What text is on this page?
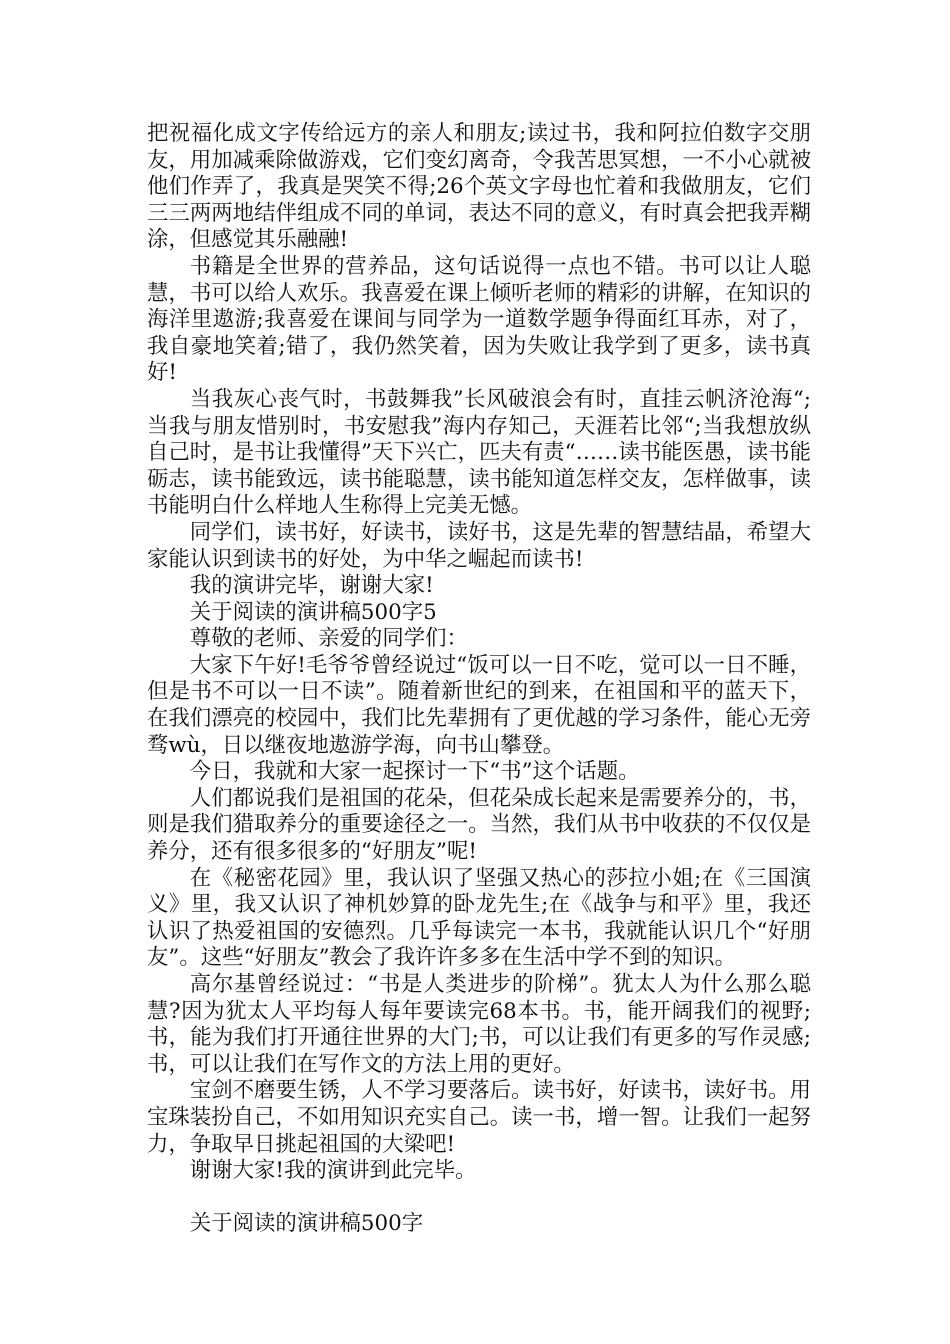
把祝福化成文字传给远方的亲人和朋友;读过书，我和阿拉伯数字交朋友，用加减乘除做游戏，它们变幻离奇，令我苦思冥想，一不小心就被他们作弄了，我真是哭笑不得;26个英文字母也忙着和我做朋友，它们三三两两地结伴组成不同的单词，表达不同的意义，有时真会把我弄糊涂，但感觉其乐融融!

书籍是全世界的营养品，这句话说得一点也不错。书可以让人聪慧，书可以给人欢乐。我喜爱在课上倾听老师的精彩的讲解，在知识的海洋里遨游;我喜爱在课间与同学为一道数学题争得面红耳赤，对了，我自豪地笑着;错了，我仍然笑着，因为失败让我学到了更多，读书真好!

当我灰心丧气时，书鼓舞我”长风破浪会有时，直挂云帆济沧海“;当我与朋友惜别时，书安慰我”海内存知己，天涯若比邻“;当我想放纵自己时，是书让我懂得”天下兴亡，匹夫有责“……读书能医愚，读书能砺志，读书能致远，读书能聪慧，读书能知道怎样交友，怎样做事，读书能明白什么样地人生称得上完美无憾。

同学们，读书好，好读书，读好书，这是先辈的智慧结晶，希望大家能认识到读书的好处，为中华之崛起而读书!

我的演讲完毕，谢谢大家!

关于阅读的演讲稿500字5

尊敬的老师、亲爱的同学们：

大家下午好!毛爷爷曾经说过“饭可以一日不吃，觉可以一日不睡，但是书不可以一日不读”。随着新世纪的到来，在祖国和平的蓝天下，在我们漂亮的校园中，我们比先辈拥有了更优越的学习条件，能心无旁骛wù，日以继夜地遨游学海，向书山攀登。

今日，我就和大家一起探讨一下“书”这个话题。

人们都说我们是祖国的花朵，但花朵成长起来是需要养分的，书，则是我们猎取养分的重要途径之一。当然，我们从书中收获的不仅仅是养分，还有很多很多的“好朋友”呢!

在《秘密花园》里，我认识了坚强又热心的莎拉小姐;在《三国演义》里，我又认识了神机妙算的卧龙先生;在《战争与和平》里，我还认识了热爱祖国的安德烈。几乎每读完一本书，我就能认识几个“好朋友”。这些“好朋友”教会了我许许多多在生活中学不到的知识。

高尔基曾经说过：“书是人类进步的阶梯”。犹太人为什么那么聪慧?因为犹太人平均每人每年要读完68本书。书，能开阔我们的视野;书，能为我们打开通往世界的大门;书，可以让我们有更多的写作灵感;书，可以让我们在写作文的方法上用的更好。

宝剑不磨要生锈，人不学习要落后。读书好，好读书，读好书。用宝珠装扮自己，不如用知识充实自己。读一书，增一智。让我们一起努力，争取早日挑起祖国的大梁吧!

谢谢大家!我的演讲到此完毕。

关于阅读的演讲稿500字
